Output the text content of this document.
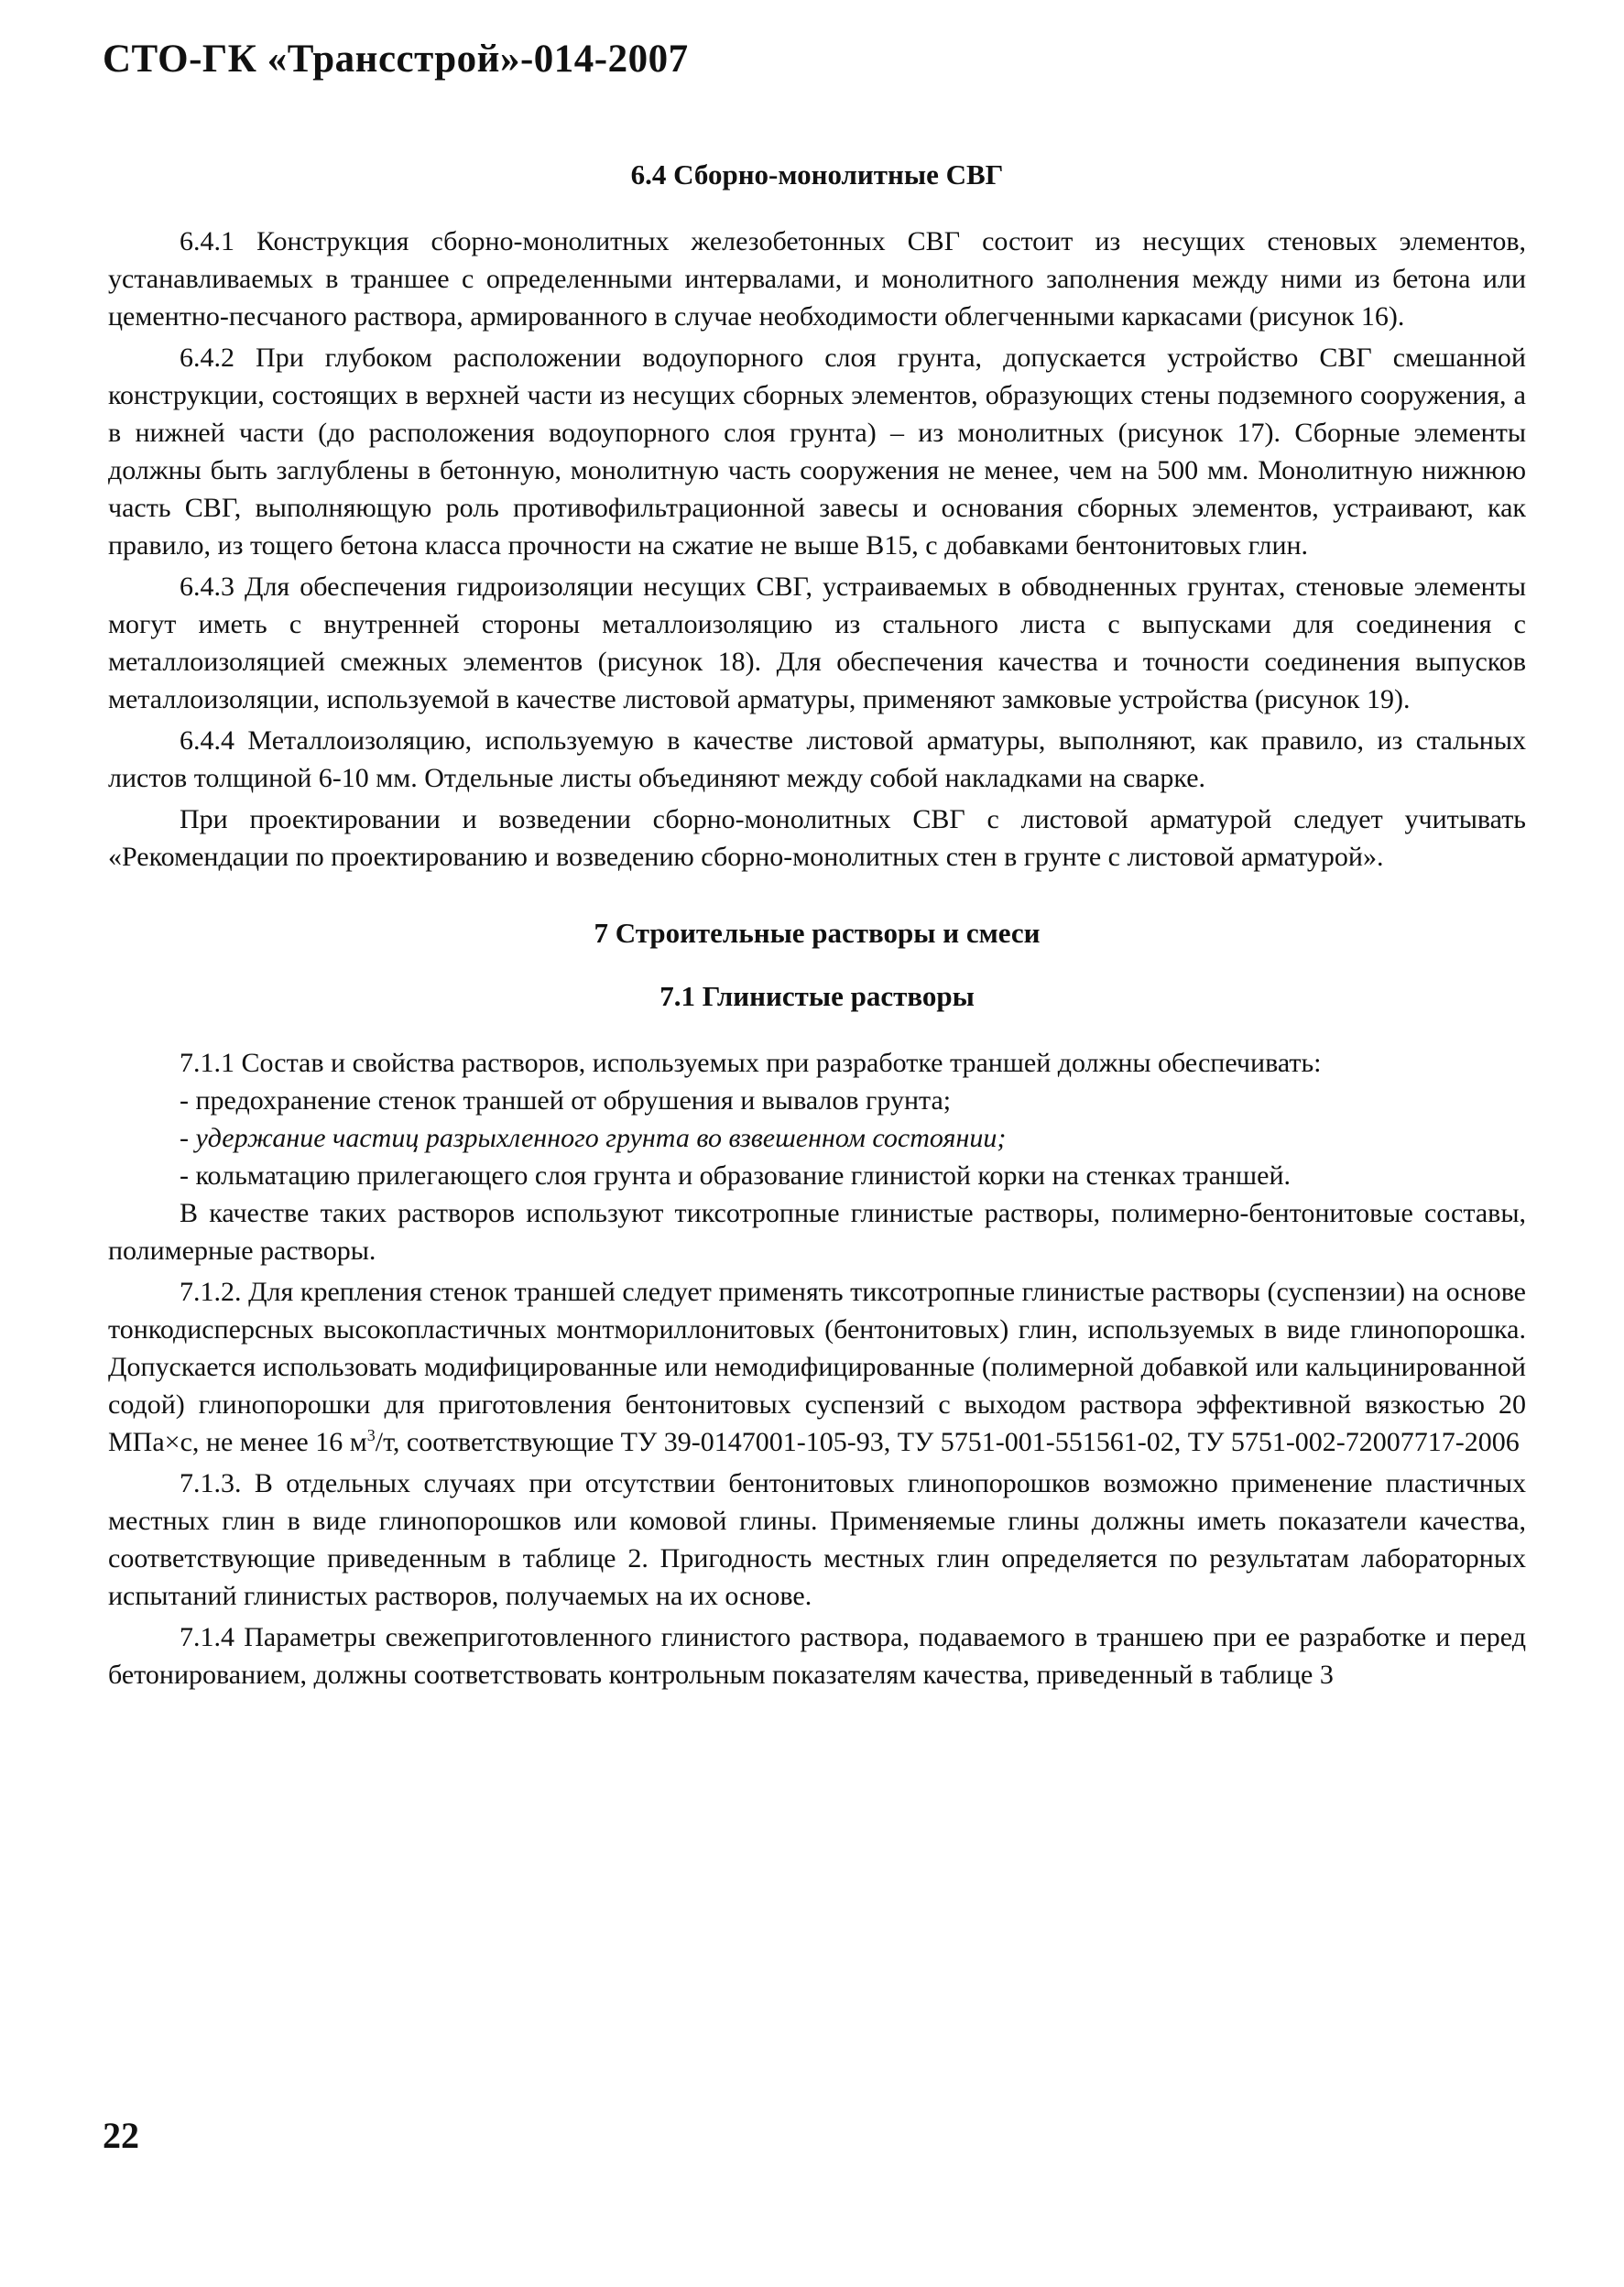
СТО-ГК «Трансстрой»-014-2007
6.4 Сборно-монолитные СВГ

6.4.1 Конструкция сборно-монолитных железобетонных СВГ состоит из несущих стеновых элементов, устанавливаемых в траншее с определенными интервалами, и монолитного заполнения между ними из бетона или цементно-песчаного раствора, армированного в случае необходимости облегченными каркасами (рисунок 16).

6.4.2 При глубоком расположении водоупорного слоя грунта, допускается устройство СВГ смешанной конструкции, состоящих в верхней части из несущих сборных элементов, образующих стены подземного сооружения, а в нижней части (до расположения водоупорного слоя грунта) – из монолитных (рисунок 17). Сборные элементы должны быть заглублены в бетонную, монолитную часть сооружения не менее, чем на 500 мм. Монолитную нижнюю часть СВГ, выполняющую роль противофильтрационной завесы и основания сборных элементов, устраивают, как правило, из тощего бетона класса прочности на сжатие не выше В15, с добавками бентонитовых глин.

6.4.3 Для обеспечения гидроизоляции несущих СВГ, устраиваемых в обводненных грунтах, стеновые элементы могут иметь с внутренней стороны металлоизоляцию из стального листа с выпусками для соединения с металлоизоляцией смежных элементов (рисунок 18). Для обеспечения качества и точности соединения выпусков металлоизоляции, используемой в качестве листовой арматуры, применяют замковые устройства (рисунок 19).

6.4.4 Металлоизоляцию, используемую в качестве листовой арматуры, выполняют, как правило, из стальных листов толщиной 6-10 мм. Отдельные листы объединяют между собой накладками на сварке.

При проектировании и возведении сборно-монолитных СВГ с листовой арматурой следует учитывать «Рекомендации по проектированию и возведению сборно-монолитных стен в грунте с листовой арматурой».

7 Строительные растворы и смеси
7.1 Глинистые растворы

7.1.1 Состав и свойства растворов, используемых при разработке траншей должны обеспечивать:

- предохранение стенок траншей от обрушения и вывалов грунта;
- удержание частиц разрыхленного грунта во взвешенном состоянии;
- кольматацию прилегающего слоя грунта и образование глинистой корки на стенках траншей.

В качестве таких растворов используют тиксотропные глинистые растворы, полимерно-бентонитовые составы, полимерные растворы.

7.1.2. Для крепления стенок траншей следует применять тиксотропные глинистые растворы (суспензии) на основе тонкодисперсных высокопластичных монтмориллонитовых (бентонитовых) глин, используемых в виде глинопорошка. Допускается использовать модифицированные или немодифицированные (полимерной добавкой или кальцинированной содой) глинопорошки для приготовления бентонитовых суспензий с выходом раствора эффективной вязкостью 20 МПа×с, не менее 16 $м^3/т$, соответствующие ТУ 39-0147001-105-93, ТУ 5751-001-551561-02, ТУ 5751-002-72007717-2006

7.1.3. В отдельных случаях при отсутствии бентонитовых глинопорошков возможно применение пластичных местных глин в виде глинопорошков или комовой глины. Применяемые глины должны иметь показатели качества, соответствующие приведенным в таблице 2. Пригодность местных глин определяется по результатам лабораторных испытаний глинистых растворов, получаемых на их основе.

7.1.4 Параметры свежеприготовленного глинистого раствора, подаваемого в траншею при ее разработке и перед бетонированием, должны соответствовать контрольным показателям качества, приведенный в таблице 3

22
